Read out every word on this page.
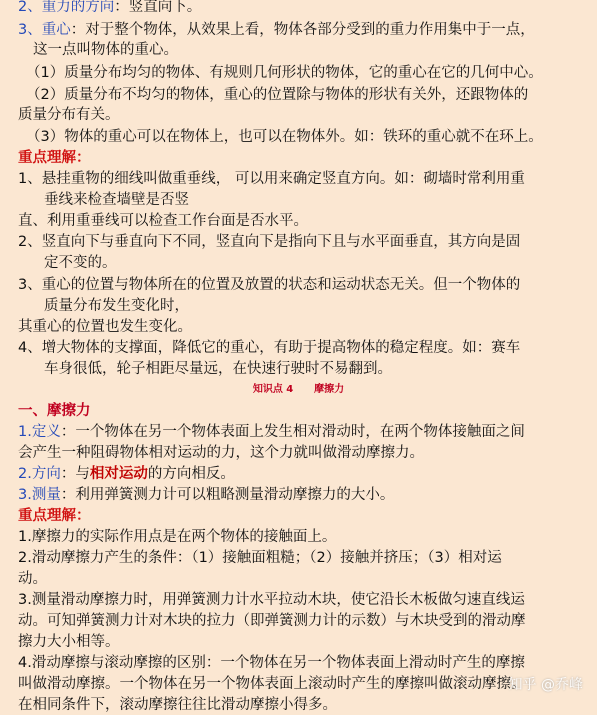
2、重力的方向：竖直向下。
3、重心：对于整个物体，从效果上看，物体各部分受到的重力作用集中于一点，
这一点叫物体的重心。
（1）质量分布均匀的物体、有规则几何形状的物体，它的重心在它的几何中心。
（2）质量分布不均匀的物体，重心的位置除与物体的形状有关外，还跟物体的
质量分布有关。
（3）物体的重心可以在物体上，也可以在物体外。如：铁环的重心就不在环上。
重点理解：
1、悬挂重物的细线叫做重垂线， 可以用来确定竖直方向。如：砌墙时常利用重
垂线来检查墙壁是否竖
直、利用重垂线可以检查工作台面是否水平。
2、竖直向下与垂直向下不同，竖直向下是指向下且与水平面垂直，其方向是固
定不变的。
3、重心的位置与物体所在的位置及放置的状态和运动状态无关。但一个物体的
质量分布发生变化时，
其重心的位置也发生变化。
4、增大物体的支撑面，降低它的重心，有助于提高物体的稳定程度。如：赛车
车身很低，轮子相距尽量远，在快速行驶时不易翻到。
知识点 4      摩擦力
一、摩擦力
1.定义：一个物体在另一个物体表面上发生相对滑动时，在两个物体接触面之间
会产生一种阻碍物体相对运动的力，这个力就叫做滑动摩擦力。
2.方向：与相对运动的方向相反。
3.测量：利用弹簧测力计可以粗略测量滑动摩擦力的大小。
重点理解：
1.摩擦力的实际作用点是在两个物体的接触面上。
2.滑动摩擦力产生的条件：（1）接触面粗糙；（2）接触并挤压；（3）相对运
动。
3.测量滑动摩擦力时，用弹簧测力计水平拉动木块，使它沿长木板做匀速直线运
动。可知弹簧测力计对木块的拉力（即弹簧测力计的示数）与木块受到的滑动摩
擦力大小相等。
4.滑动摩擦与滚动摩擦的区别：一个物体在另一个物体表面上滑动时产生的摩擦
叫做滑动摩擦。一个物体在另一个物体表面上滚动时产生的摩擦叫做滚动摩擦。
在相同条件下，滚动摩擦往往比滑动摩擦小得多。
知乎 @乔峰
